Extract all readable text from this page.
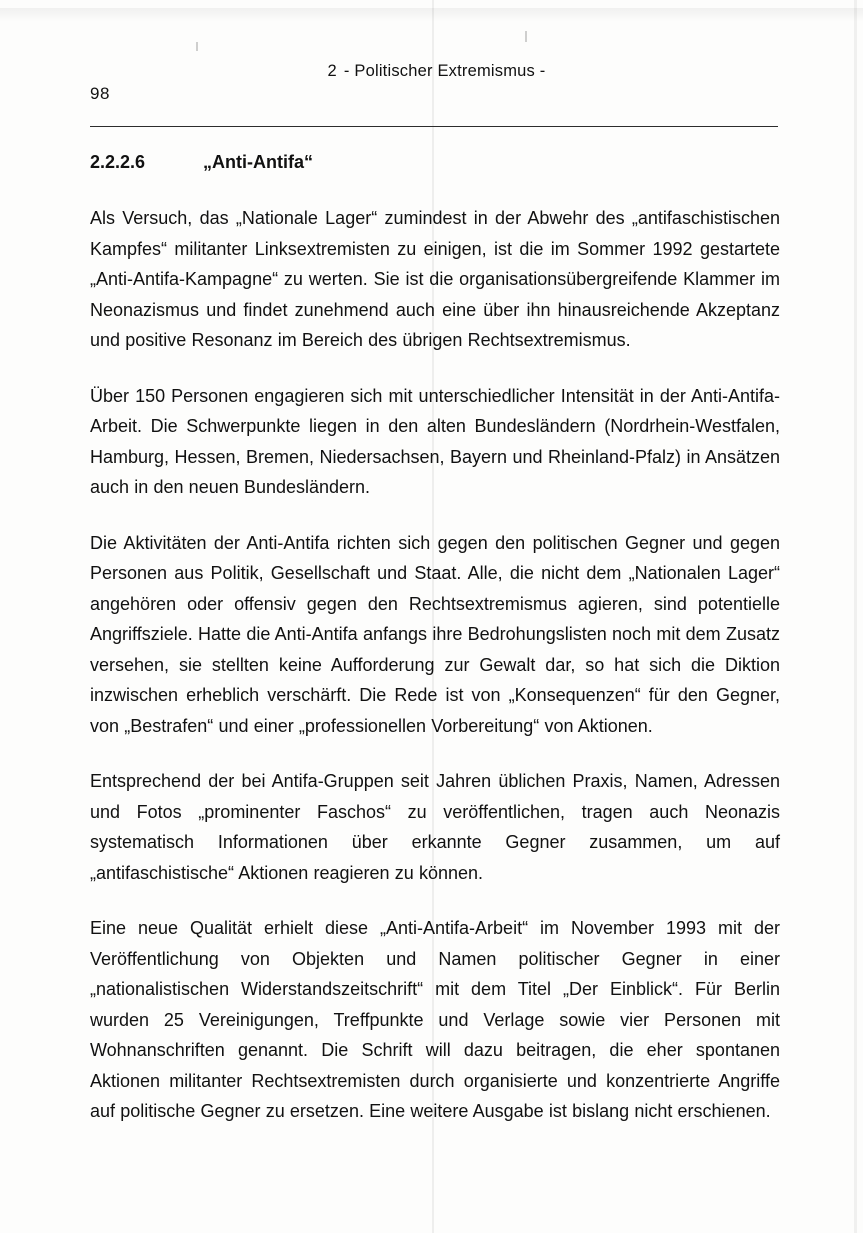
2 - Politischer Extremismus -
98
2.2.2.6	„Anti-Antifa“

Als Versuch, das „Nationale Lager“ zumindest in der Abwehr des „antifaschistischen Kampfes“ militanter Linksextremisten zu einigen, ist die im Sommer 1992 gestartete „Anti-Antifa-Kampagne“ zu werten. Sie ist die organisationsübergreifende Klammer im Neonazismus und findet zunehmend auch eine über ihn hinausreichende Akzeptanz und positive Resonanz im Bereich des übrigen Rechtsextremismus.

Über 150 Personen engagieren sich mit unterschiedlicher Intensität in der Anti-Antifa-Arbeit. Die Schwerpunkte liegen in den alten Bundesländern (Nordrhein-Westfalen, Hamburg, Hessen, Bremen, Niedersachsen, Bayern und Rheinland-Pfalz) in Ansätzen auch in den neuen Bundesländern.

Die Aktivitäten der Anti-Antifa richten sich gegen den politischen Gegner und gegen Personen aus Politik, Gesellschaft und Staat. Alle, die nicht dem „Nationalen Lager“ angehören oder offensiv gegen den Rechtsextremismus agieren, sind potentielle Angriffsziele. Hatte die Anti-Antifa anfangs ihre Bedrohungslisten noch mit dem Zusatz versehen, sie stellten keine Aufforderung zur Gewalt dar, so hat sich die Diktion inzwischen erheblich verschärft. Die Rede ist von „Konsequenzen“ für den Gegner, von „Bestrafen“ und einer „professionellen Vorbereitung“ von Aktionen.

Entsprechend der bei Antifa-Gruppen seit Jahren üblichen Praxis, Namen, Adressen und Fotos „prominenter Faschos“ zu veröffentlichen, tragen auch Neonazis systematisch Informationen über erkannte Gegner zusammen, um auf „antifaschistische“ Aktionen reagieren zu können.

Eine neue Qualität erhielt diese „Anti-Antifa-Arbeit“ im November 1993 mit der Veröffentlichung von Objekten und Namen politischer Gegner in einer „nationalistischen Widerstandszeitschrift“ mit dem Titel „Der Einblick“. Für Berlin wurden 25 Vereinigungen, Treffpunkte und Verlage sowie vier Personen mit Wohnanschriften genannt. Die Schrift will dazu beitragen, die eher spontanen Aktionen militanter Rechtsextremisten durch organisierte und konzentrierte Angriffe auf politische Gegner zu ersetzen. Eine weitere Ausgabe ist bislang nicht erschienen.
